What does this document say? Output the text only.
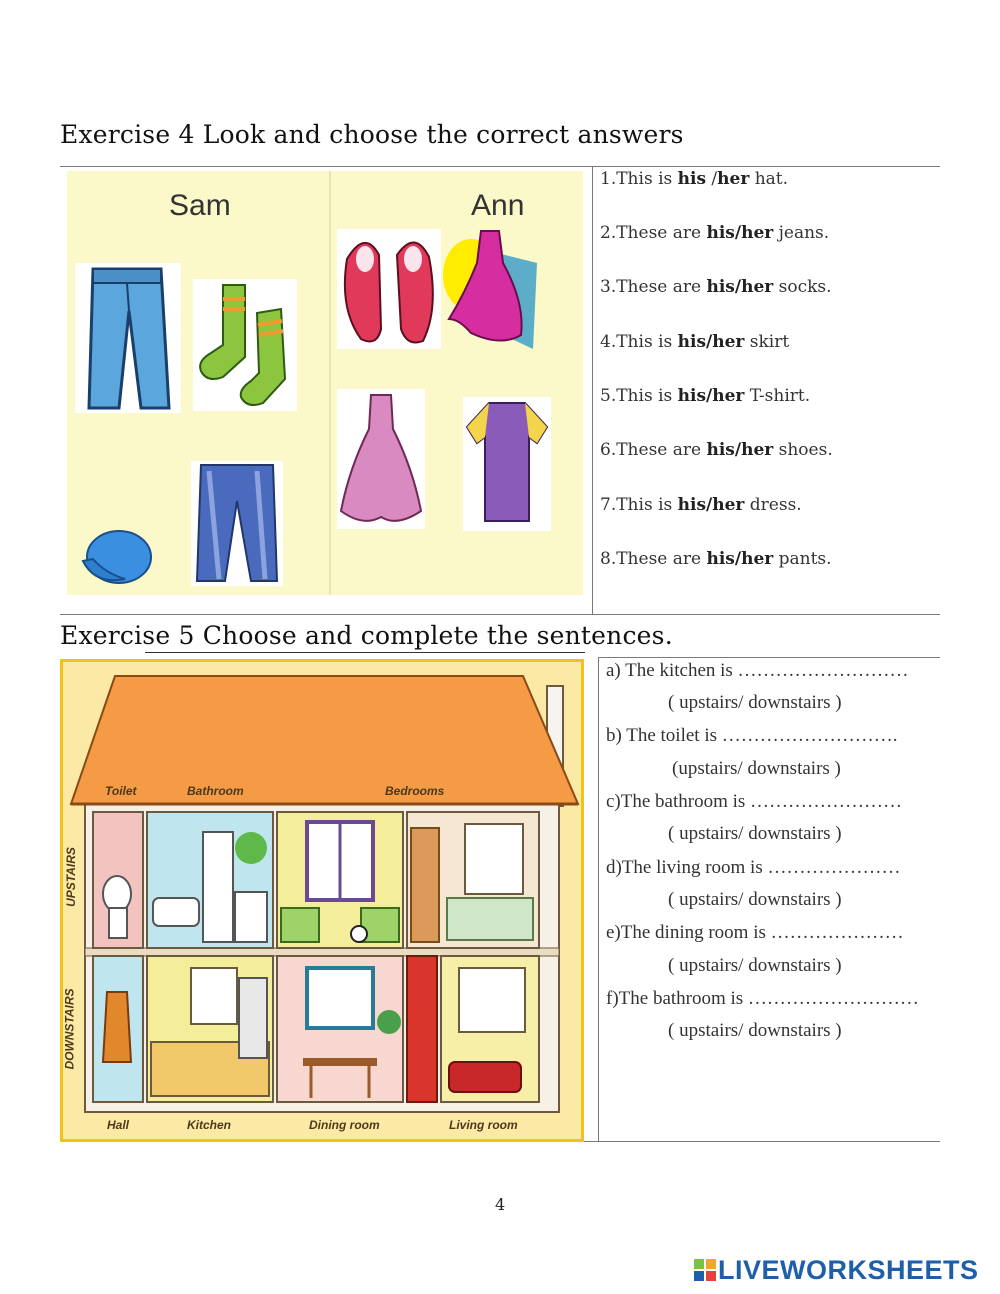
Exercise 4 Look and choose the correct answers
Sam	Ann
1.This is his /her hat.
2.These are his/her jeans.
3.These are his/her socks.
4.This is his/her skirt
5.This is his/her T-shirt.
6.These are his/her shoes.
7.This is his/her dress.
8.These are his/her pants.
Exercise 5 Choose and complete the sentences.
Toilet	Bathroom	Bedrooms
UPSTAIRS
DOWNSTAIRS
Hall	Kitchen	Dining room	Living room
a) The kitchen is ………………………
( upstairs/ downstairs )
b) The toilet is ……………………….
(upstairs/ downstairs )
c)The bathroom is ……………………
( upstairs/ downstairs )
d)The living room is …………………
( upstairs/ downstairs )
e)The dining room is …………………
( upstairs/ downstairs )
f)The bathroom is ………………………
( upstairs/ downstairs )
4
LIVEWORKSHEETS
